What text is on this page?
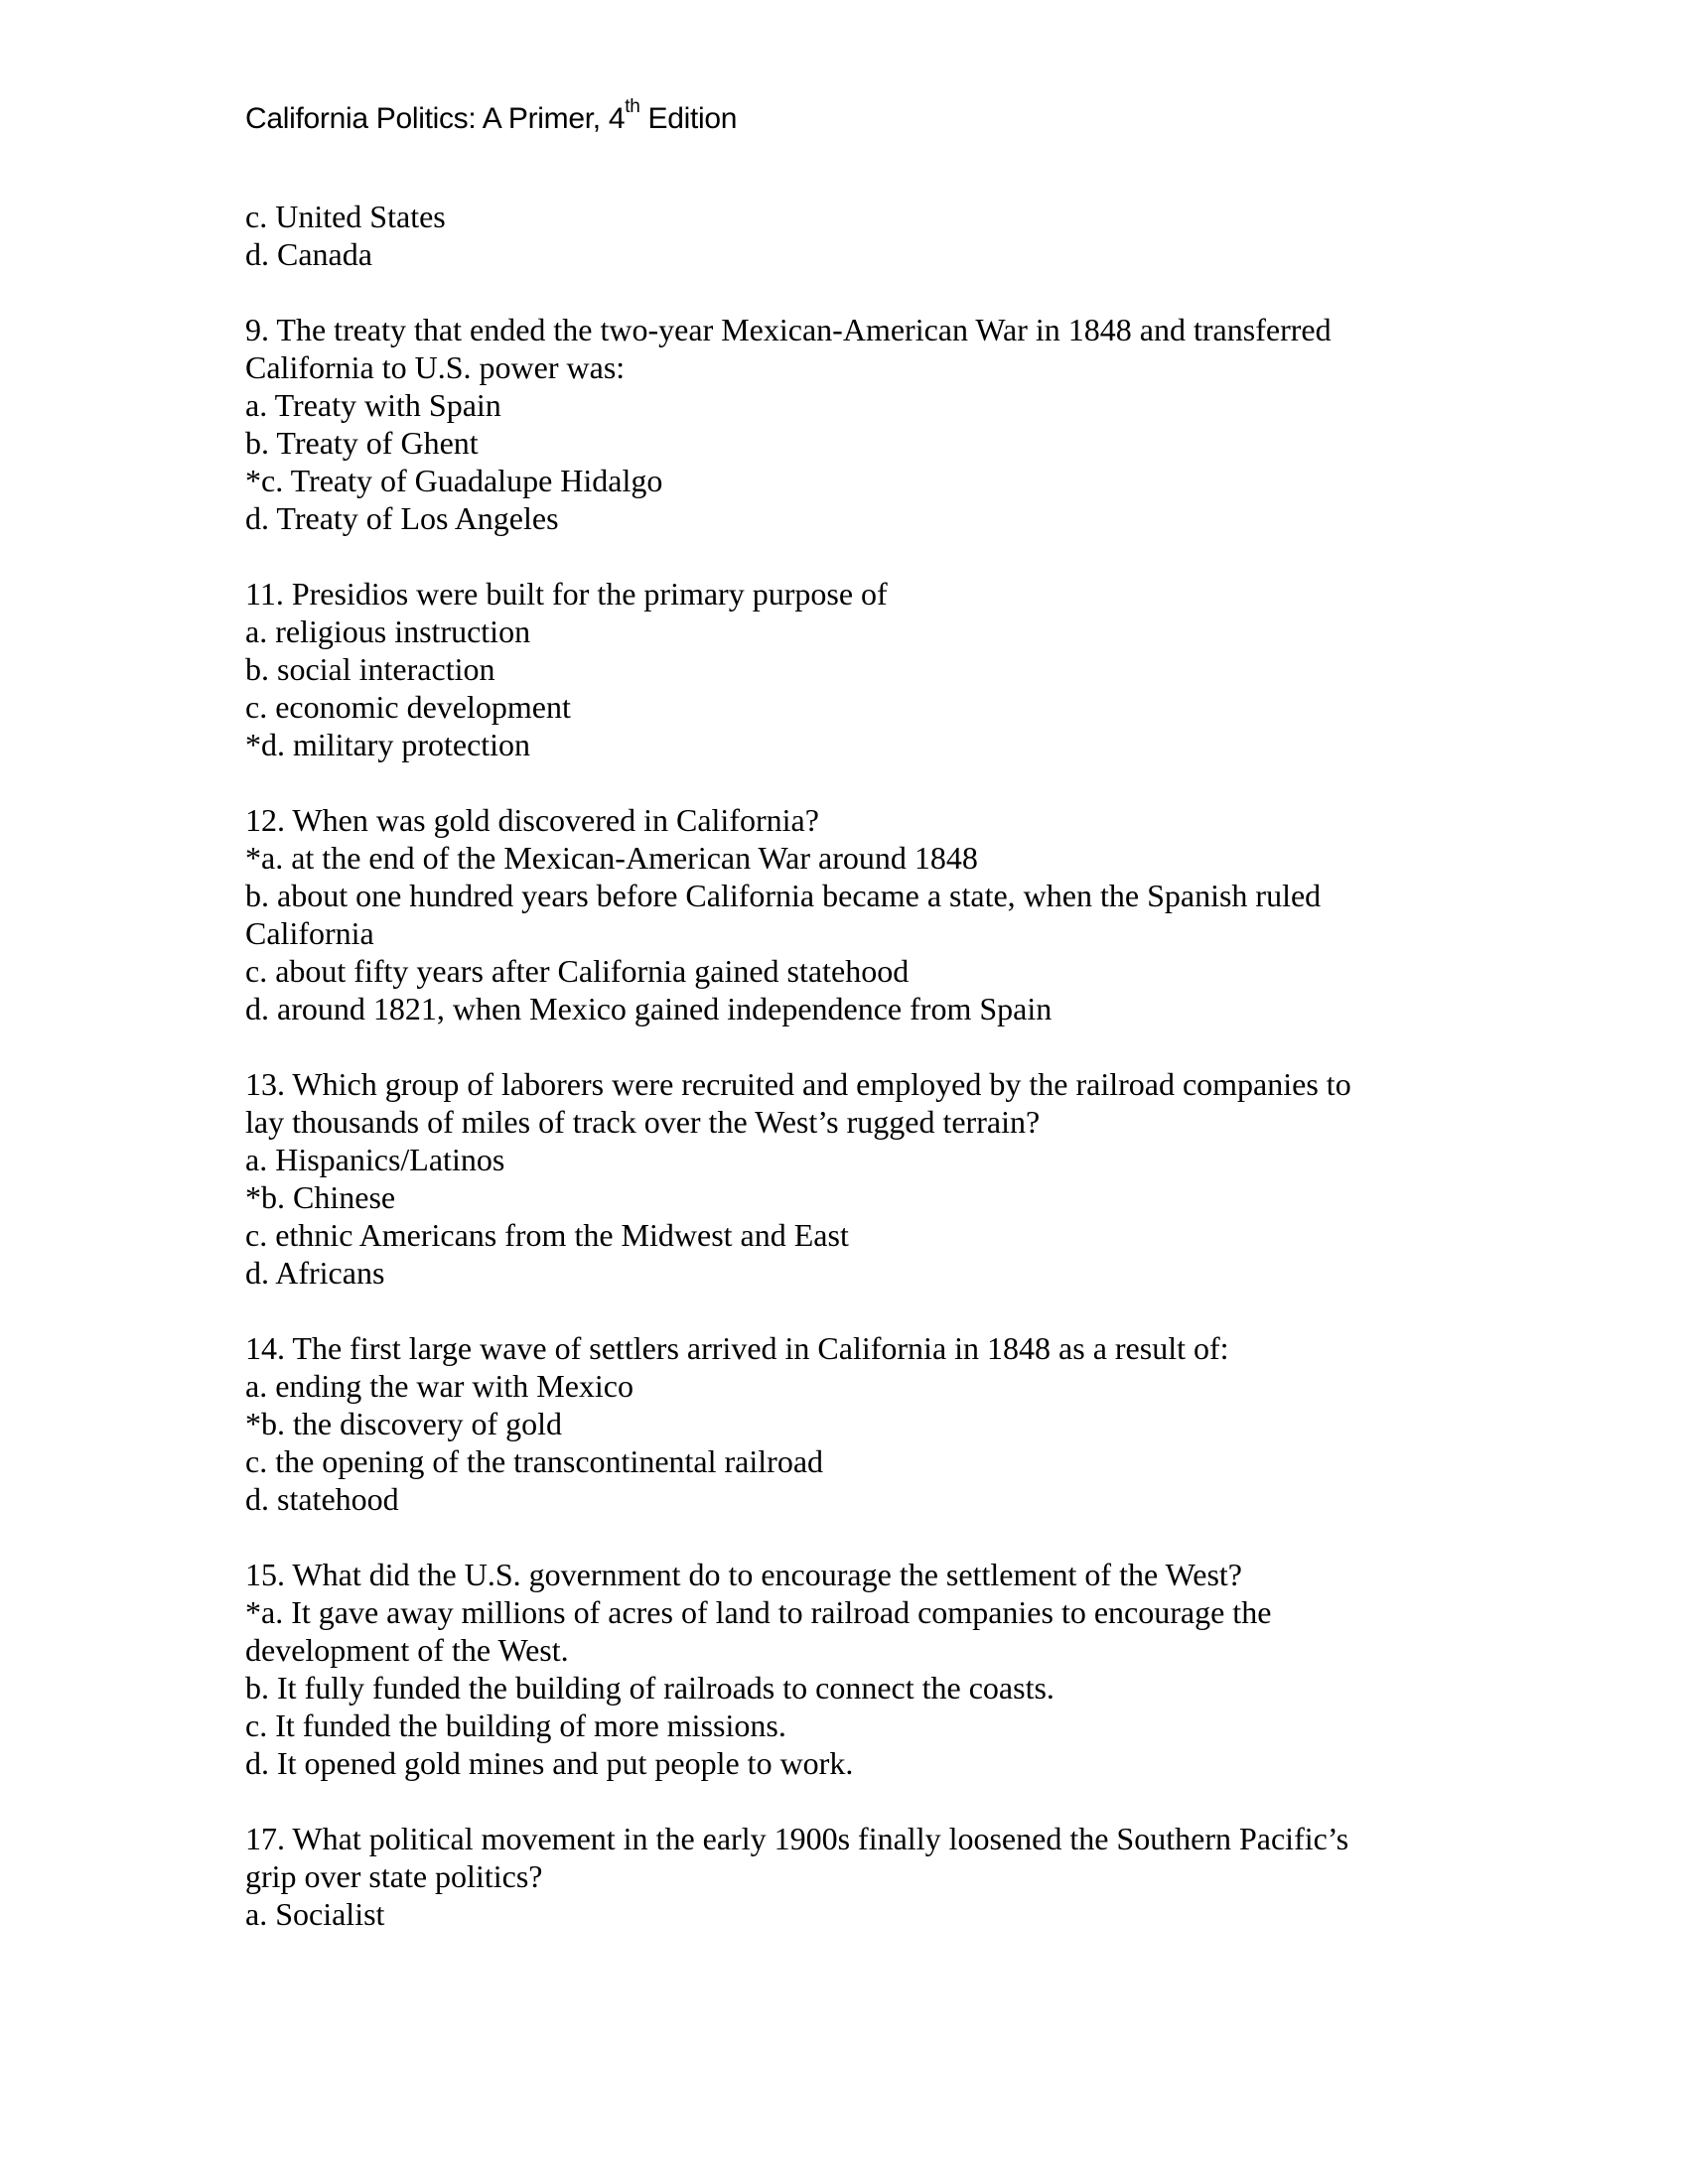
California Politics: A Primer, 4th Edition
c. United States
d. Canada
9. The treaty that ended the two-year Mexican-American War in 1848 and transferred
California to U.S. power was:
a. Treaty with Spain
b. Treaty of Ghent
*c. Treaty of Guadalupe Hidalgo
d. Treaty of Los Angeles
11. Presidios were built for the primary purpose of
a. religious instruction
b. social interaction
c. economic development
*d. military protection
12. When was gold discovered in California?
*a. at the end of the Mexican-American War around 1848
b. about one hundred years before California became a state, when the Spanish ruled
California
c. about fifty years after California gained statehood
d. around 1821, when Mexico gained independence from Spain
13. Which group of laborers were recruited and employed by the railroad companies to
lay thousands of miles of track over the West’s rugged terrain?
a. Hispanics/Latinos
*b. Chinese
c. ethnic Americans from the Midwest and East
d. Africans
14. The first large wave of settlers arrived in California in 1848 as a result of:
a. ending the war with Mexico
*b. the discovery of gold
c. the opening of the transcontinental railroad
d. statehood
15. What did the U.S. government do to encourage the settlement of the West?
*a. It gave away millions of acres of land to railroad companies to encourage the
development of the West.
b. It fully funded the building of railroads to connect the coasts.
c. It funded the building of more missions.
d. It opened gold mines and put people to work.
17. What political movement in the early 1900s finally loosened the Southern Pacific’s
grip over state politics?
a. Socialist
